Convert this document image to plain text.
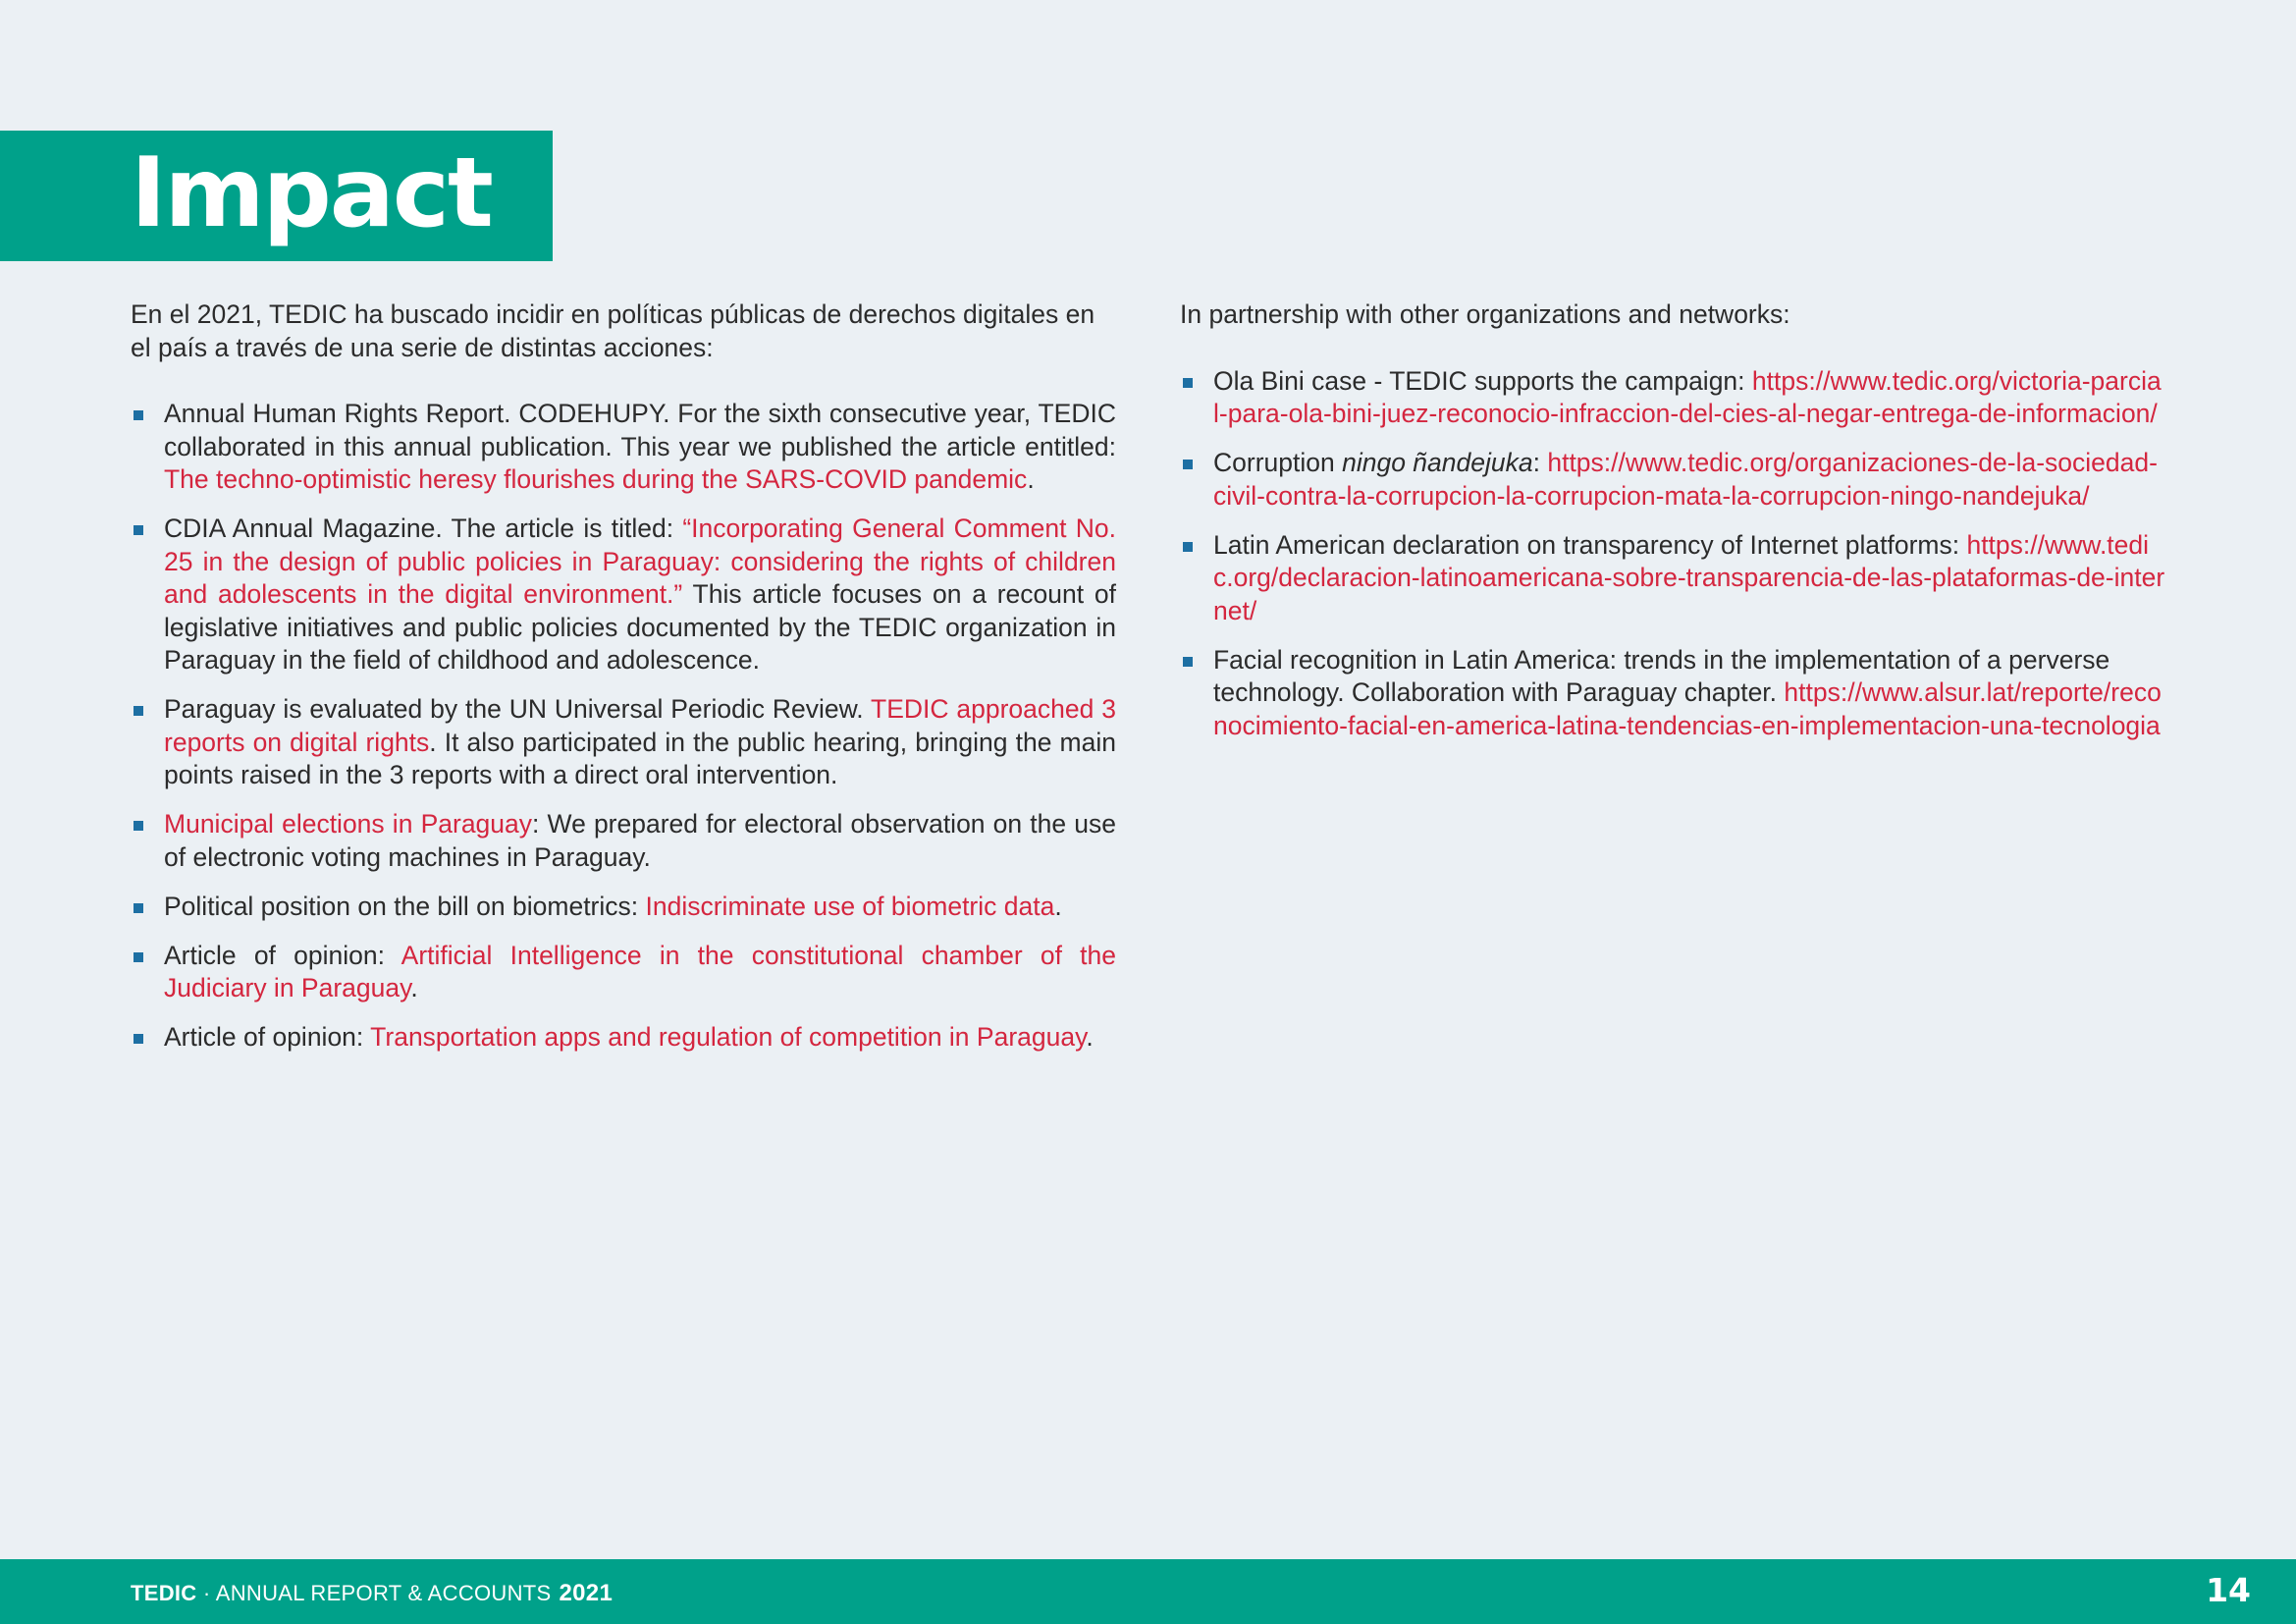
Impact

En el 2021, TEDIC ha buscado incidir en políticas públicas de derechos digitales en el país a través de una serie de distintas acciones:

Annual Human Rights Report. CODEHUPY. For the sixth consecutive year, TEDIC collaborated in this annual publication. This year we published the article entitled: The techno-optimistic heresy flourishes during the SARS-COVID pandemic.
CDIA Annual Magazine. The article is titled: “Incorporating General Comment No. 25 in the design of public policies in Paraguay: considering the rights of children and adolescents in the digital environment.” This article focuses on a recount of legislative initiatives and public policies documented by the TEDIC organization in Paraguay in the field of childhood and adolescence.
Paraguay is evaluated by the UN Universal Periodic Review. TEDIC approached 3 reports on digital rights. It also participated in the public hearing, bringing the main points raised in the 3 reports with a direct oral intervention.
Municipal elections in Paraguay: We prepared for electoral observation on the use of electronic voting machines in Paraguay.
Political position on the bill on biometrics: Indiscriminate use of biometric data.
Article of opinion: Artificial Intelligence in the constitutional chamber of the Judiciary in Paraguay.
Article of opinion: Transportation apps and regulation of competition in Paraguay.

In partnership with other organizations and networks:

Ola Bini case - TEDIC supports the campaign: https://www.tedic.org/victoria-parcial-para-ola-bini-juez-reconocio-infraccion-del-cies-al-negar-entrega-de-informacion/
Corruption ningo ñandejuka: https://www.tedic.org/organizaciones-de-la-sociedad-civil-contra-la-corrupcion-la-corrupcion-mata-la-corrupcion-ningo-nandejuka/
Latin American declaration on transparency of Internet platforms: https://www.tedic.org/declaracion-latinoamericana-sobre-transparencia-de-las-plataformas-de-internet/
Facial recognition in Latin America: trends in the implementation of a perverse technology. Collaboration with Paraguay chapter. https://www.alsur.lat/reporte/reconocimiento-facial-en-america-latina-tendencias-en-implementacion-una-tecnologia
TEDIC · ANNUAL REPORT & ACCOUNTS 2021	14
